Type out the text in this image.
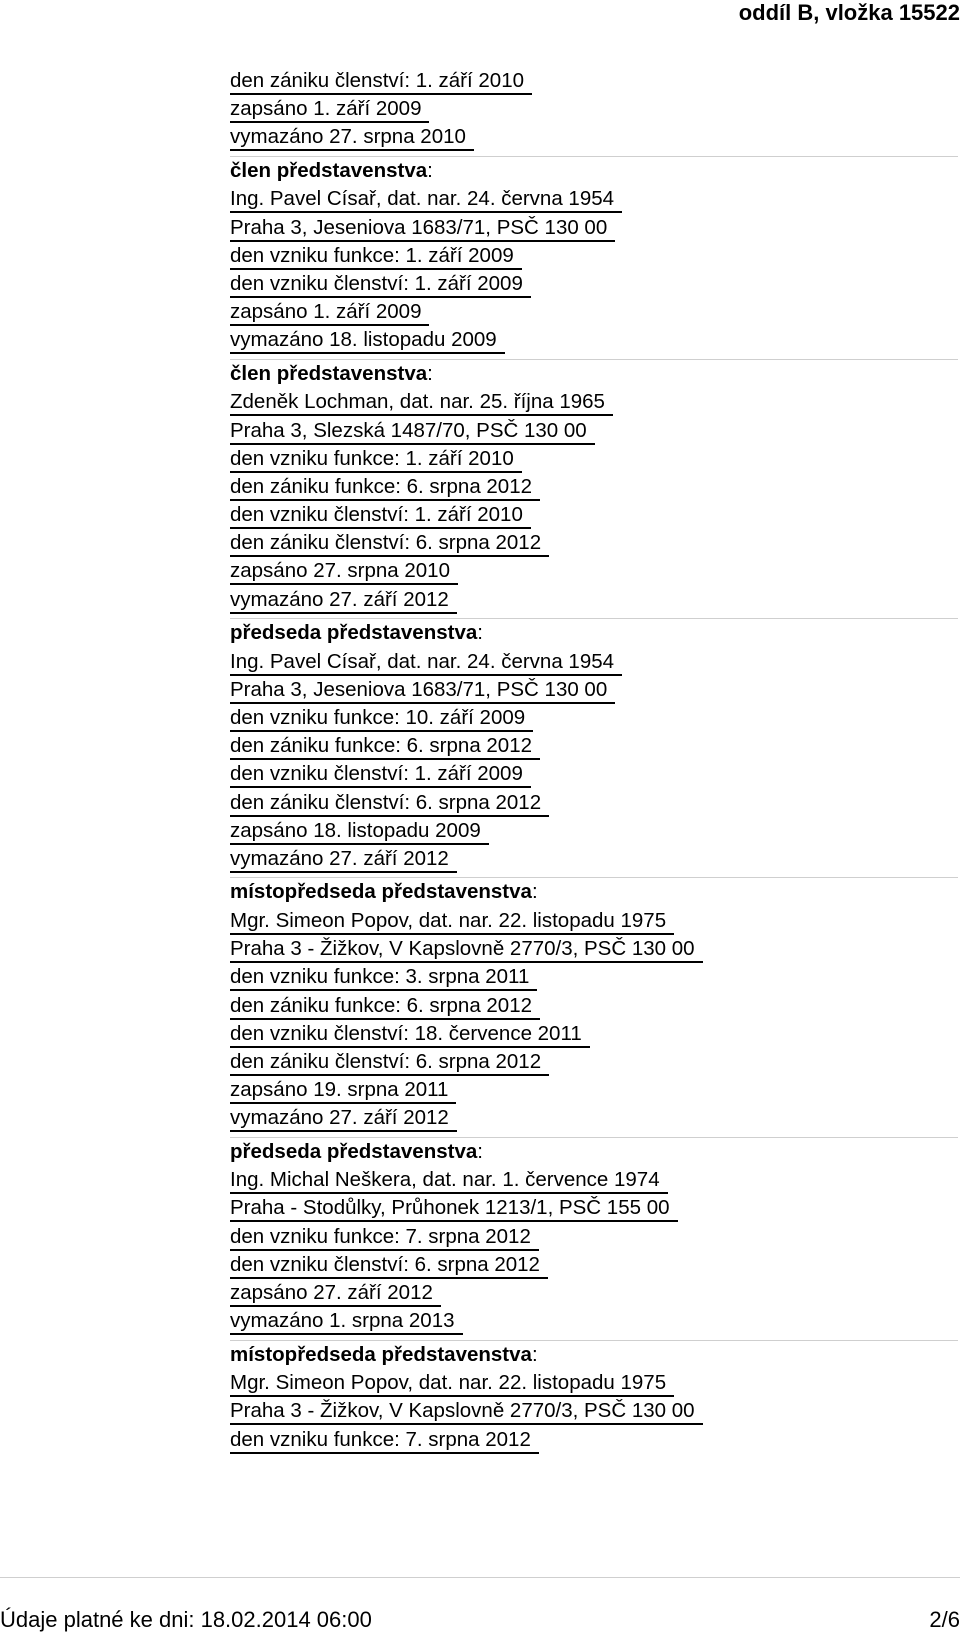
oddíl B, vložka 15522
den zániku členství: 1. září 2010
zapsáno 1. září 2009
vymazáno 27. srpna 2010
člen představenstva:
Ing. Pavel Císař, dat. nar. 24. června 1954
Praha 3, Jeseniova 1683/71, PSČ 130 00
den vzniku funkce: 1. září 2009
den vzniku členství: 1. září 2009
zapsáno 1. září 2009
vymazáno 18. listopadu 2009
člen představenstva:
Zdeněk Lochman, dat. nar. 25. října 1965
Praha 3, Slezská 1487/70, PSČ 130 00
den vzniku funkce: 1. září 2010
den zániku funkce: 6. srpna 2012
den vzniku členství: 1. září 2010
den zániku členství: 6. srpna 2012
zapsáno 27. srpna 2010
vymazáno 27. září 2012
předseda představenstva:
Ing. Pavel Císař, dat. nar. 24. června 1954
Praha 3, Jeseniova 1683/71, PSČ 130 00
den vzniku funkce: 10. září 2009
den zániku funkce: 6. srpna 2012
den vzniku členství: 1. září 2009
den zániku členství: 6. srpna 2012
zapsáno 18. listopadu 2009
vymazáno 27. září 2012
místopředseda představenstva:
Mgr. Simeon Popov, dat. nar. 22. listopadu 1975
Praha 3 - Žižkov, V Kapslovně 2770/3, PSČ 130 00
den vzniku funkce: 3. srpna 2011
den zániku funkce: 6. srpna 2012
den vzniku členství: 18. července 2011
den zániku členství: 6. srpna 2012
zapsáno 19. srpna 2011
vymazáno 27. září 2012
předseda představenstva:
Ing. Michal Neškera, dat. nar. 1. července 1974
Praha - Stodůlky, Průhonek 1213/1, PSČ 155 00
den vzniku funkce: 7. srpna 2012
den vzniku členství: 6. srpna 2012
zapsáno 27. září 2012
vymazáno 1. srpna 2013
místopředseda představenstva:
Mgr. Simeon Popov, dat. nar. 22. listopadu 1975
Praha 3 - Žižkov, V Kapslovně 2770/3, PSČ 130 00
den vzniku funkce: 7. srpna 2012
Údaje platné ke dni: 18.02.2014 06:00	2/6
